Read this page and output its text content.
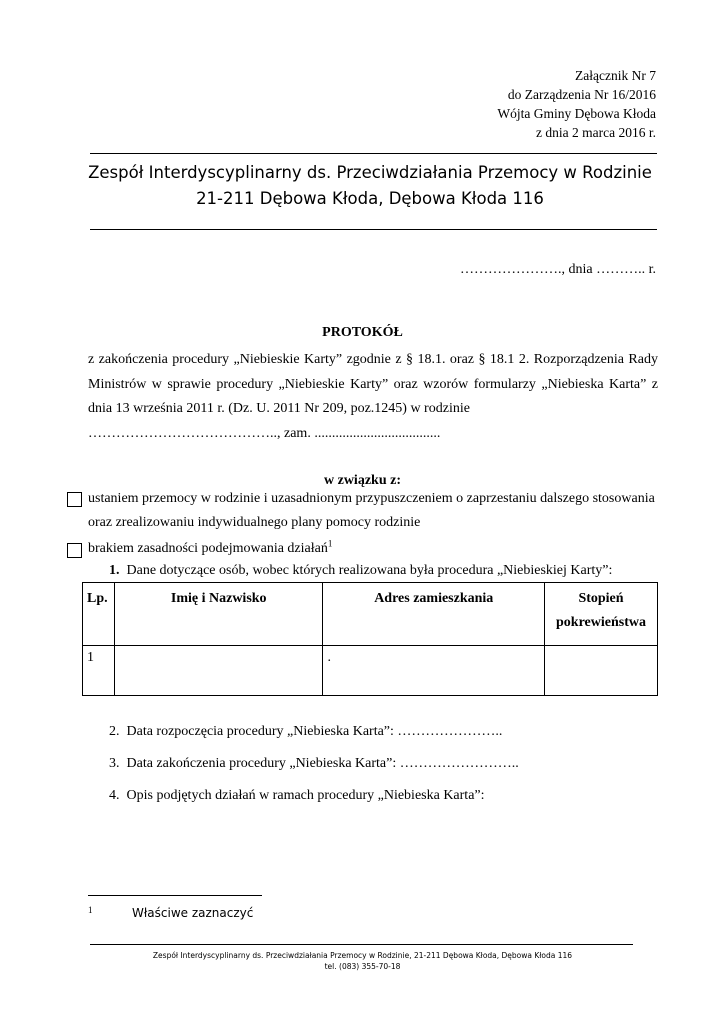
Załącznik Nr 7
do Zarządzenia Nr 16/2016
Wójta Gminy Dębowa Kłoda
z dnia 2 marca 2016 r.
Zespół Interdyscyplinarny ds. Przeciwdziałania Przemocy w Rodzinie
21-211 Dębowa Kłoda, Dębowa Kłoda 116
…………………., dnia ……….. r.
PROTOKÓŁ

z zakończenia procedury „Niebieskie Karty” zgodnie z § 18.1. oraz § 18.1 2. Rozporządzenia Rady Ministrów w sprawie procedury „Niebieskie Karty” oraz wzorów formularzy „Niebieska Karta” z dnia 13 września 2011 r. (Dz. U. 2011 Nr 209, poz.1245) w rodzinie

………………………………….., zam. ....................................

w związku z:
ustaniem przemocy w rodzinie i uzasadnionym przypuszczeniem o zaprzestaniu dalszego stosowania oraz zrealizowaniu indywidualnego plany pomocy rodzinie
brakiem zasadności podejmowania działań$^1$
1. Dane dotyczące osób, wobec których realizowana była procedura „Niebieskiej Karty”:
Lp.	Imię i Nazwisko	Adres zamieszkania	Stopień pokrewieństwa
1		.	
2. Data rozpoczęcia procedury „Niebieska Karta”: …………………..
3. Data zakończenia procedury „Niebieska Karta”: ……………………..
4. Opis podjętych działań w ramach procedury „Niebieska Karta”:
1	Właściwe zaznaczyć
Zespół Interdyscyplinarny ds. Przeciwdziałania Przemocy w Rodzinie, 21-211 Dębowa Kłoda, Dębowa Kłoda 116
tel. (083) 355-70-18
